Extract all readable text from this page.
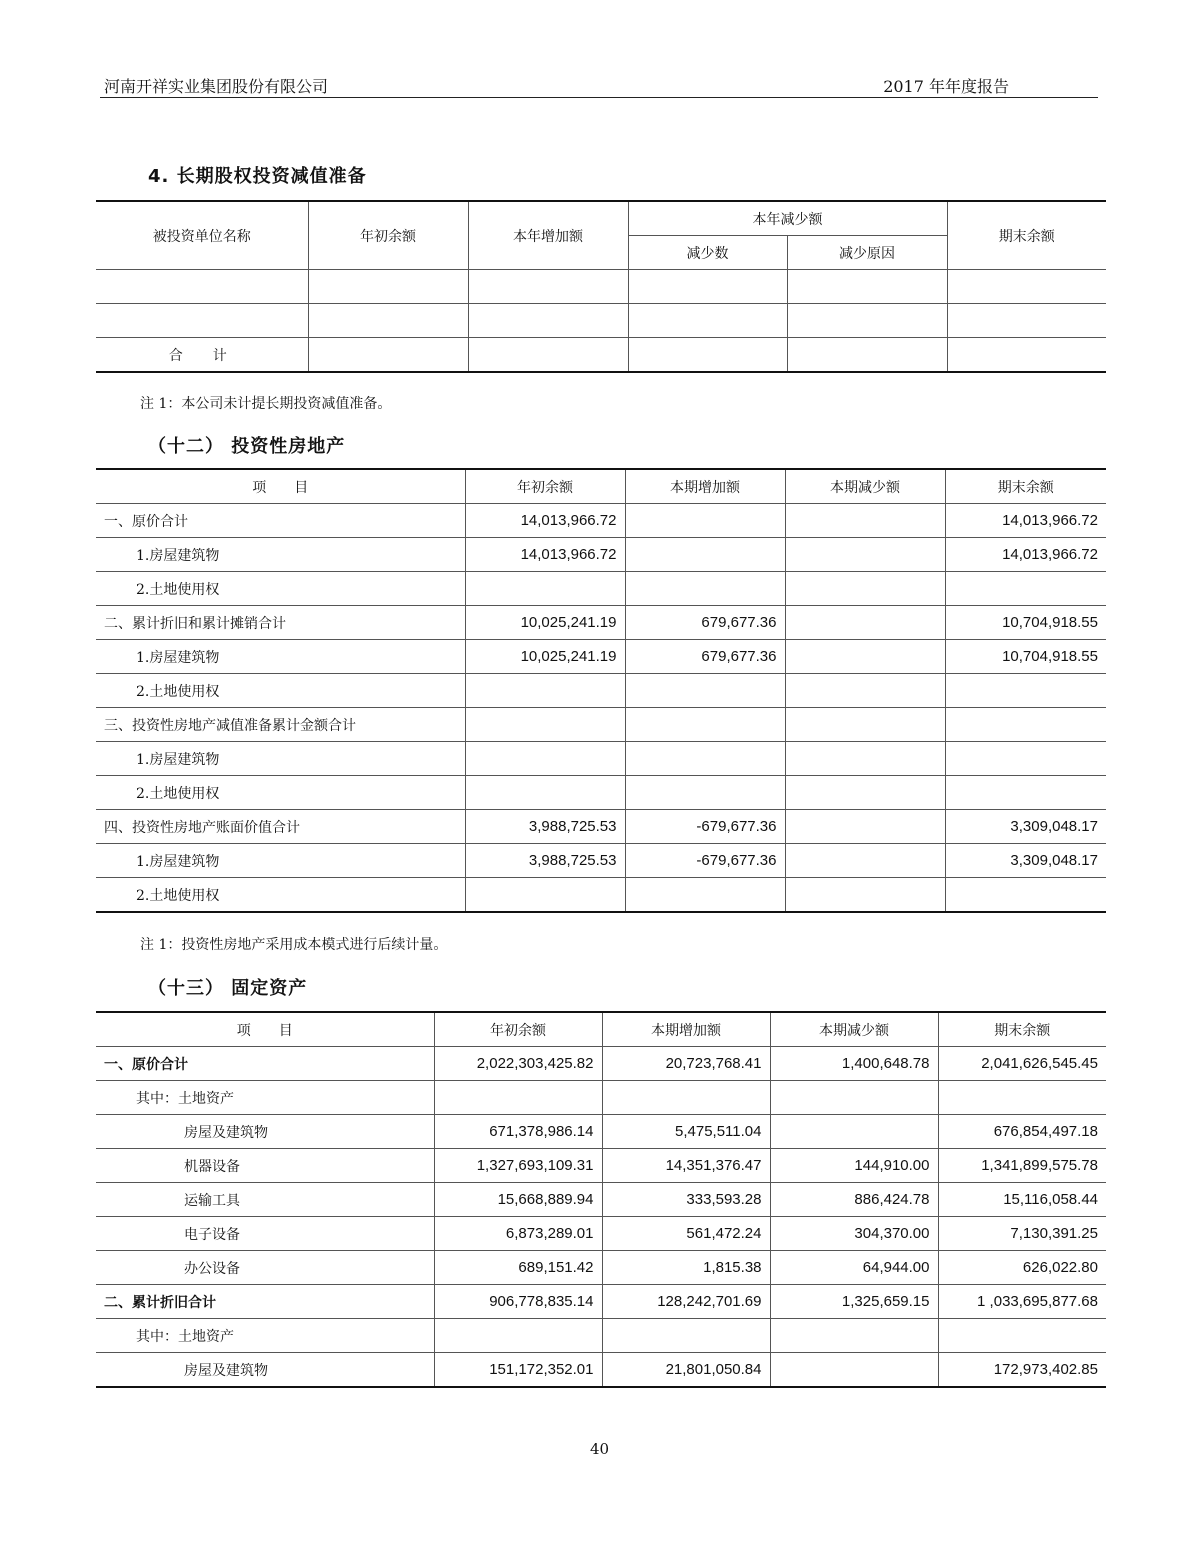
河南开祥实业集团股份有限公司	2017 年年度报告
4. 长期股权投资减值准备
被投资单位名称	年初余额	本年增加额	本年减少额		期末余额
			减少数	减少原因	

合计					
注 1：本公司未计提长期投资减值准备。
（十二） 投资性房地产
项　　目	年初余额	本期增加额	本期减少额	期末余额
一、原价合计	14,013,966.72			14,013,966.72
1.房屋建筑物	14,013,966.72			14,013,966.72
2.土地使用权				
二、累计折旧和累计摊销合计	10,025,241.19	679,677.36		10,704,918.55
1.房屋建筑物	10,025,241.19	679,677.36		10,704,918.55
2.土地使用权				
三、投资性房地产减值准备累计金额合计				
1.房屋建筑物				
2.土地使用权				
四、投资性房地产账面价值合计	3,988,725.53	-679,677.36		3,309,048.17
1.房屋建筑物	3,988,725.53	-679,677.36		3,309,048.17
2.土地使用权				
注 1：投资性房地产采用成本模式进行后续计量。
（十三） 固定资产
项　　目	年初余额	本期增加额	本期减少额	期末余额
一、原价合计	2,022,303,425.82	20,723,768.41	1,400,648.78	2,041,626,545.45
其中：土地资产				
房屋及建筑物	671,378,986.14	5,475,511.04		676,854,497.18
机器设备	1,327,693,109.31	14,351,376.47	144,910.00	1,341,899,575.78
运输工具	15,668,889.94	333,593.28	886,424.78	15,116,058.44
电子设备	6,873,289.01	561,472.24	304,370.00	7,130,391.25
办公设备	689,151.42	1,815.38	64,944.00	626,022.80
二、累计折旧合计	906,778,835.14	128,242,701.69	1,325,659.15	1 ,033,695,877.68
其中：土地资产				
房屋及建筑物	151,172,352.01	21,801,050.84		172,973,402.85
40
